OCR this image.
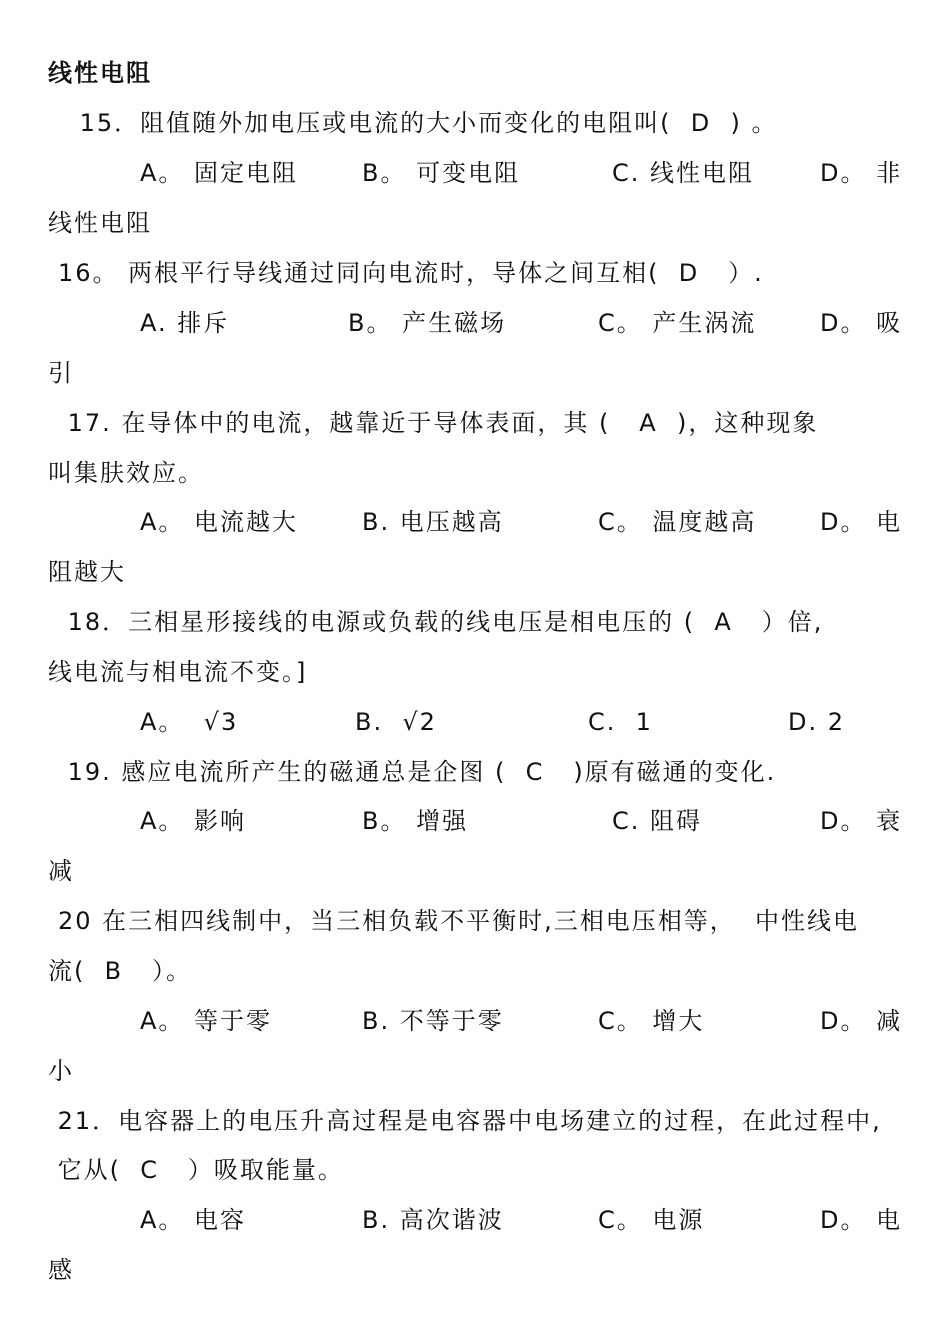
线性电阻
15．阻值随外加电压或电流的大小而变化的电阻叫(  D  ) 。
A。 固定电阻	B。 可变电阻	C. 线性电阻	D。 非
线性电阻
16。 两根平行导线通过同向电流时，导体之间互相(  D   ）.
A. 排斥	B。 产生磁场	C。 产生涡流	D。 吸
引
17. 在导体中的电流，越靠近于导体表面，其 (   A  )，这种现象
叫集肤效应。
A。 电流越大	B. 电压越高	C。 温度越高	D。 电
阻越大
18．三相星形接线的电源或负载的线电压是相电压的 (  A   ）倍,
线电流与相电流不变。]
A。  √3	B.  √2	C.  1	D. 2
19. 感应电流所产生的磁通总是企图 (  C   )原有磁通的变化.
A。 影响	B。 增强	C. 阻碍	D。 衰
减
20 在三相四线制中，当三相负载不平衡时,三相电压相等，  中性线电
流(  B   ）。
A。 等于零	B. 不等于零	C。 增大	D。 减
小
21．电容器上的电压升高过程是电容器中电场建立的过程，在此过程中,
它从(  C   ）吸取能量。
A。 电容	B. 高次谐波	C。 电源	D。 电
感
